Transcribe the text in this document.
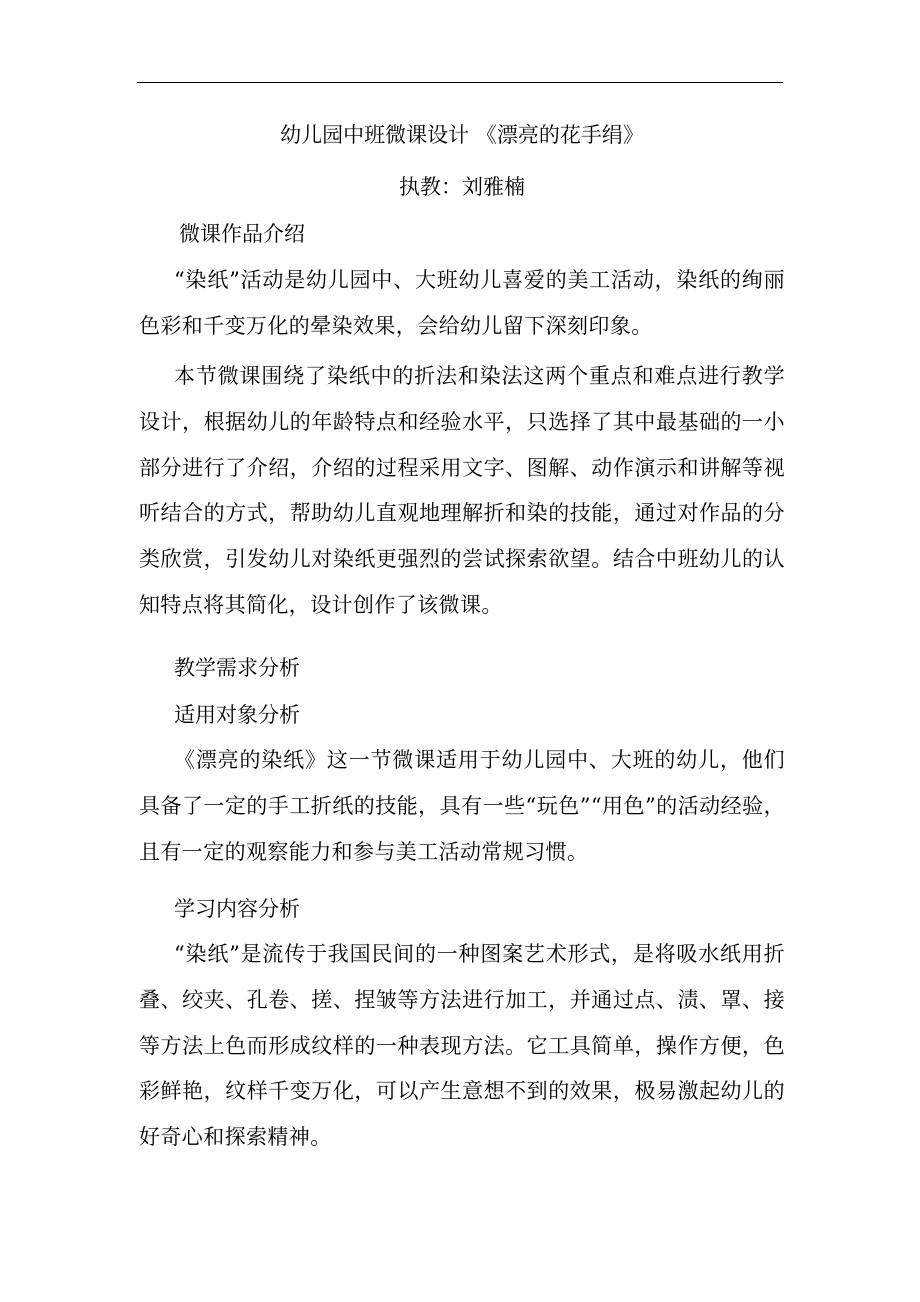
幼儿园中班微课设计 《漂亮的花手绢》
执教：刘雅楠
微课作品介绍
“染纸”活动是幼儿园中、大班幼儿喜爱的美工活动，染纸的绚丽色彩和千变万化的晕染效果，会给幼儿留下深刻印象。
本节微课围绕了染纸中的折法和染法这两个重点和难点进行教学设计，根据幼儿的年龄特点和经验水平，只选择了其中最基础的一小部分进行了介绍，介绍的过程采用文字、图解、动作演示和讲解等视听结合的方式，帮助幼儿直观地理解折和染的技能，通过对作品的分类欣赏，引发幼儿对染纸更强烈的尝试探索欲望。结合中班幼儿的认知特点将其简化，设计创作了该微课。
教学需求分析
适用对象分析
《漂亮的染纸》这一节微课适用于幼儿园中、大班的幼儿，他们具备了一定的手工折纸的技能，具有一些“玩色”“用色”的活动经验，且有一定的观察能力和参与美工活动常规习惯。
学习内容分析
“染纸”是流传于我国民间的一种图案艺术形式，是将吸水纸用折叠、绞夹、孔卷、搓、捏皱等方法进行加工，并通过点、渍、罩、接等方法上色而形成纹样的一种表现方法。它工具简单，操作方便，色彩鲜艳，纹样千变万化，可以产生意想不到的效果，极易激起幼儿的好奇心和探索精神。
